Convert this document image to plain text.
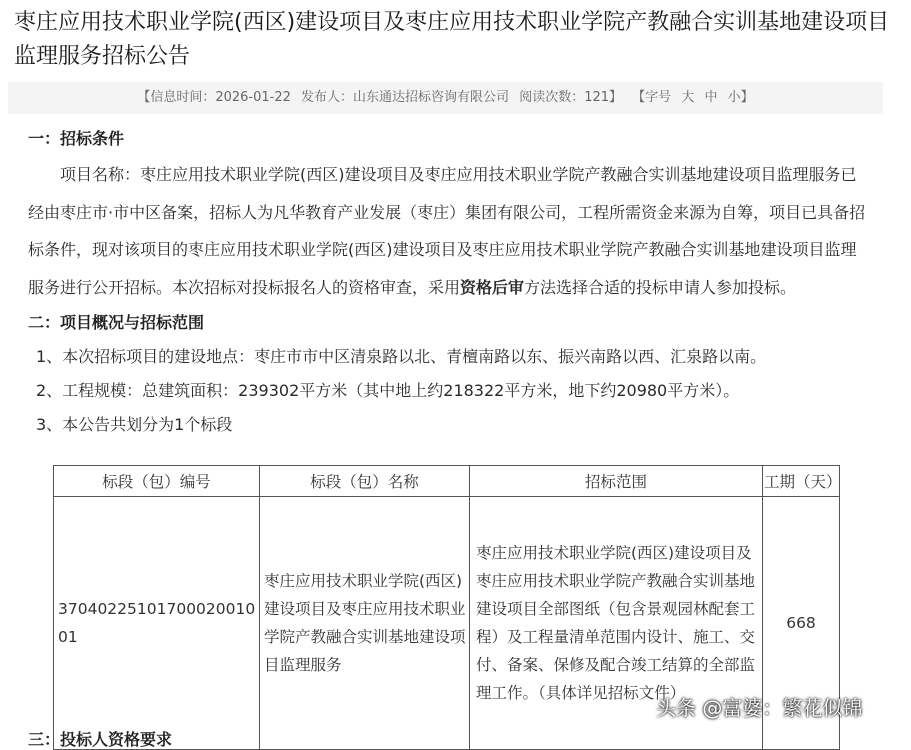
枣庄应用技术职业学院(西区)建设项目及枣庄应用技术职业学院产教融合实训基地建设项目监理服务招标公告
【信息时间：2026-01-22 发布人：山东通达招标咨询有限公司 阅读次数：121】 【字号 大 中 小】
一：招标条件

项目名称：枣庄应用技术职业学院(西区)建设项目及枣庄应用技术职业学院产教融合实训基地建设项目监理服务已经由枣庄市·市中区备案，招标人为凡华教育产业发展（枣庄）集团有限公司，工程所需资金来源为自筹，项目已具备招标条件，现对该项目的枣庄应用技术职业学院(西区)建设项目及枣庄应用技术职业学院产教融合实训基地建设项目监理服务进行公开招标。本次招标对投标报名人的资格审查，采用资格后审方法选择合适的投标申请人参加投标。

二：项目概况与招标范围

1、本次招标项目的建设地点：枣庄市市中区清泉路以北、青檀南路以东、振兴南路以西、汇泉路以南。

2、工程规模：总建筑面积：239302平方米（其中地上约218322平方米，地下约20980平方米）。

3、本公告共划分为1个标段

标段（包）编号	标段（包）名称	招标范围	工期（天）
3704022510170002001001	枣庄应用技术职业学院(西区)建设项目及枣庄应用技术职业学院产教融合实训基地建设项目监理服务	枣庄应用技术职业学院(西区)建设项目及枣庄应用技术职业学院产教融合实训基地建设项目全部图纸（包含景观园林配套工程）及工程量清单范围内设计、施工、交付、备案、保修及配合竣工结算的全部监理工作。（具体详见招标文件）	668
三：投标人资格要求
头条 @富婆：繁花似锦
